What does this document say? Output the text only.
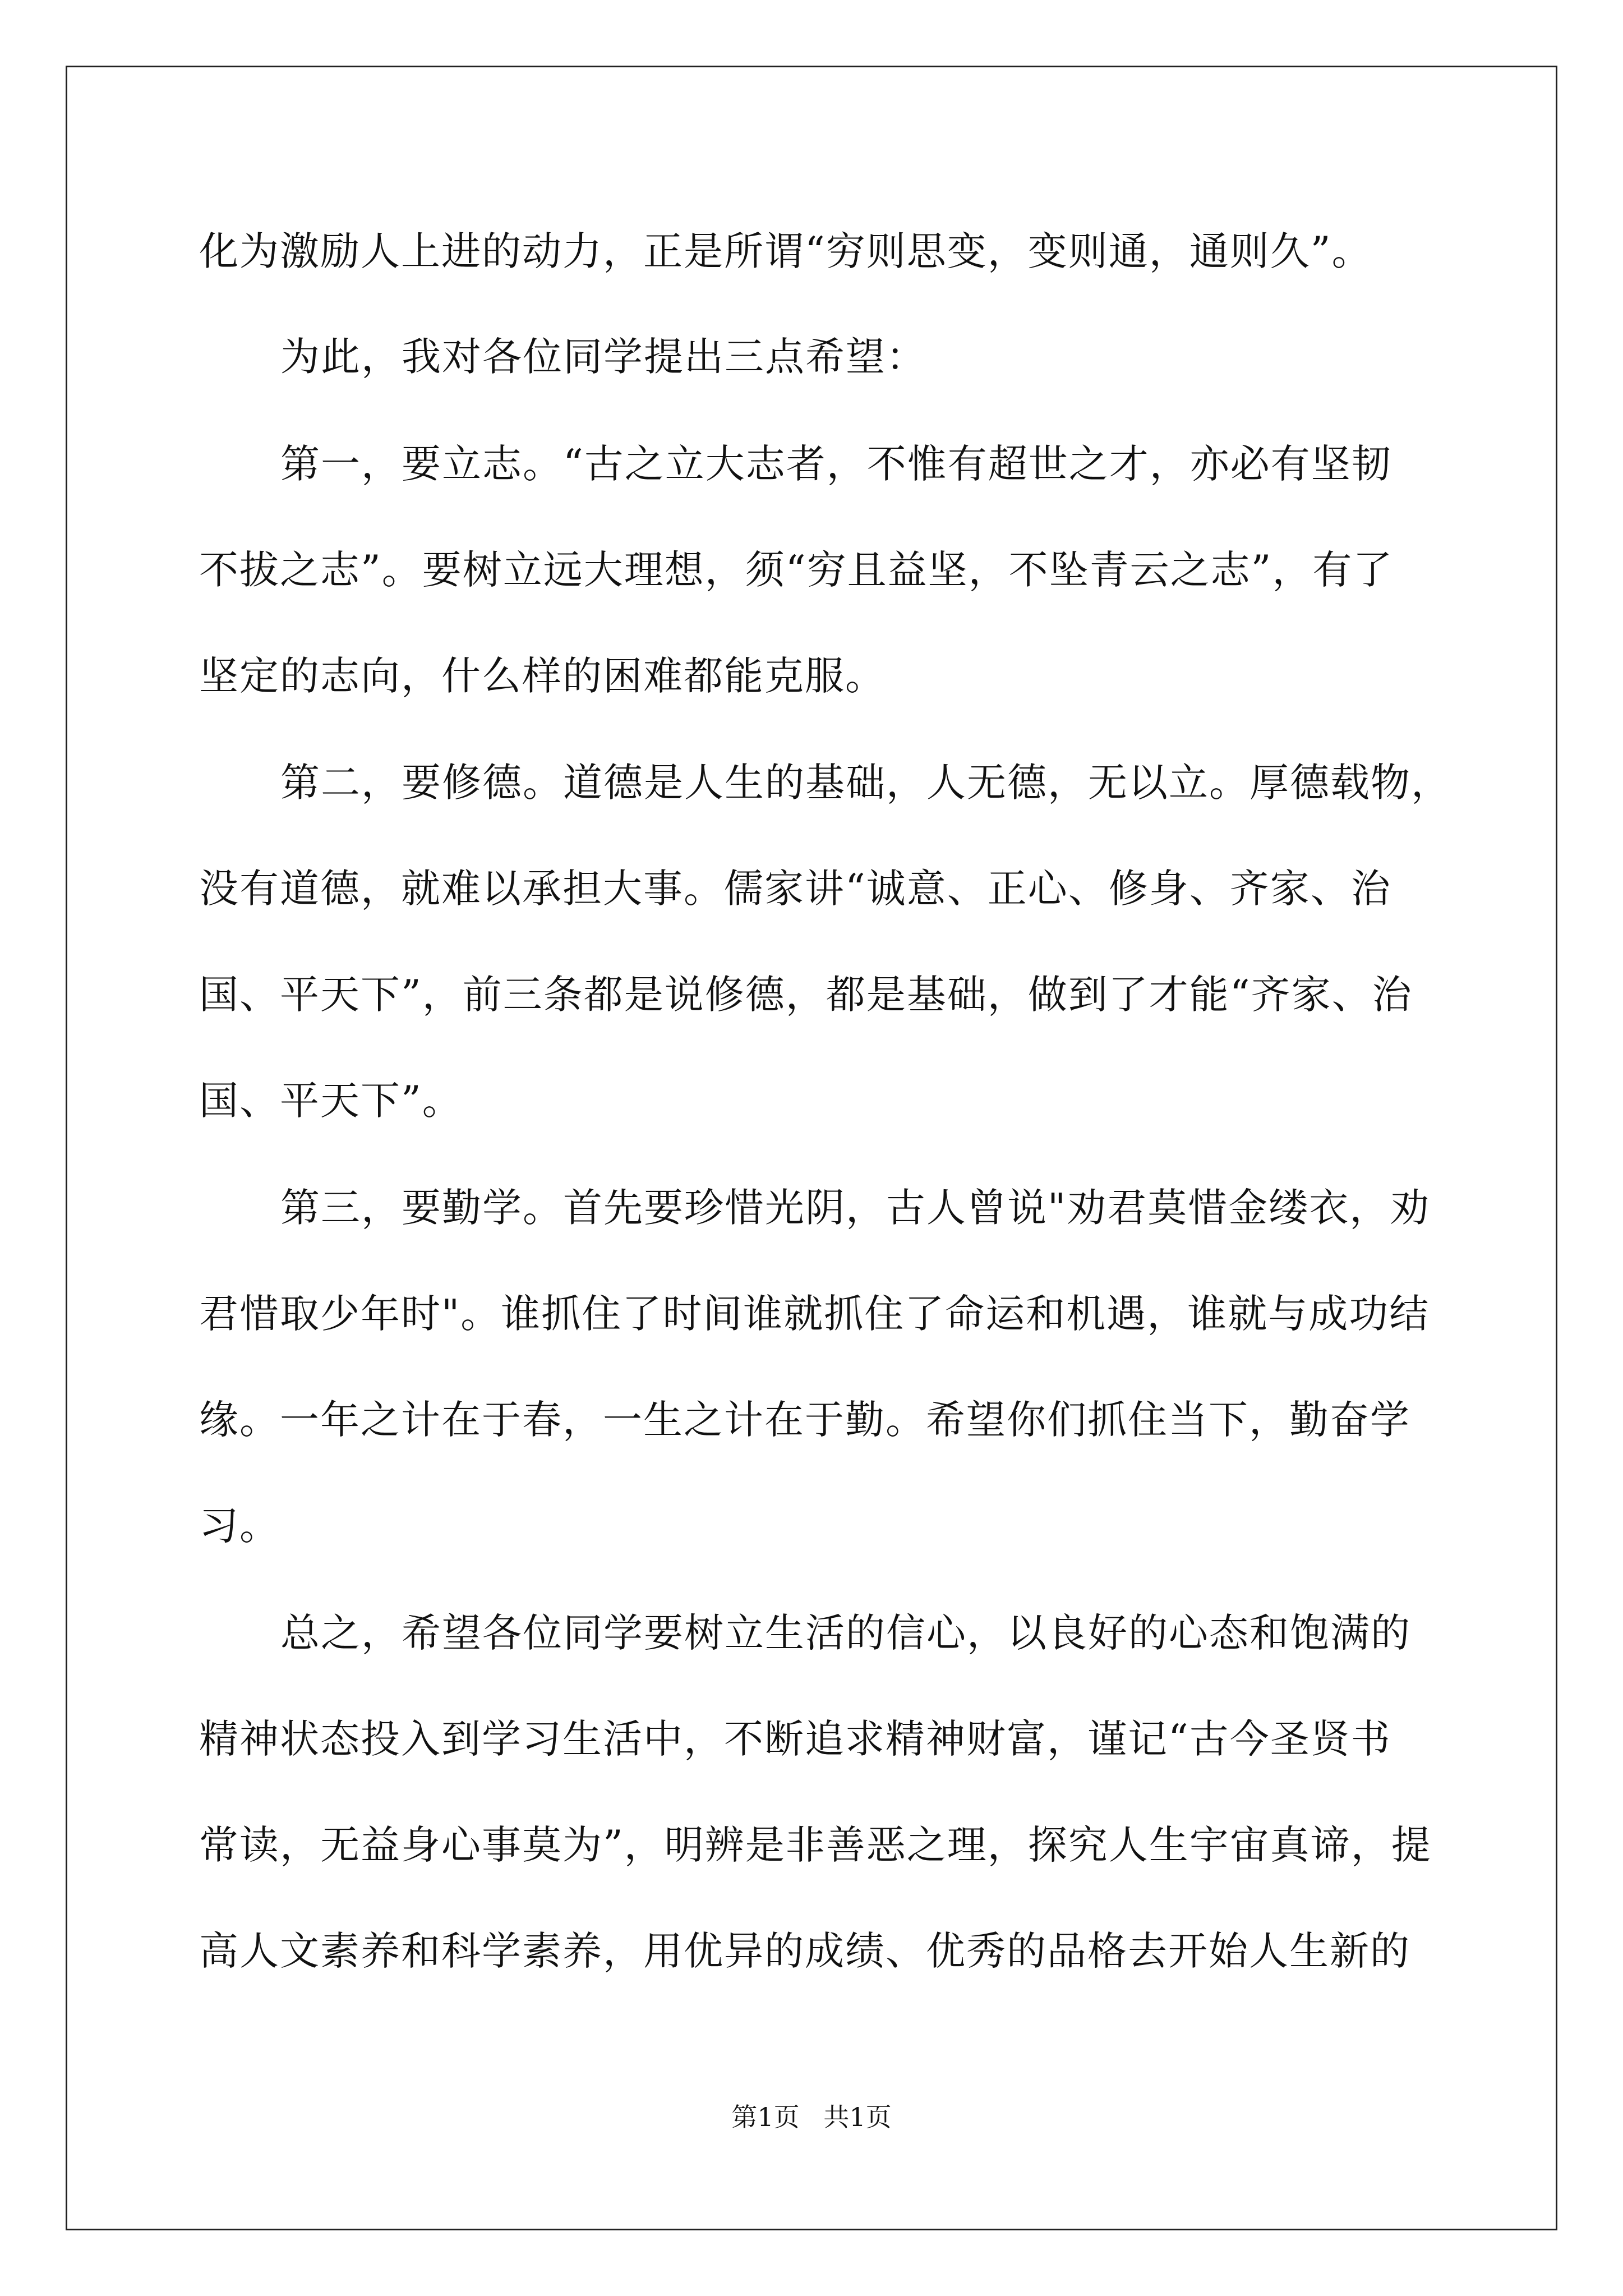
化为激励人上进的动力，正是所谓“穷则思变，变则通，通则久”。
为此，我对各位同学提出三点希望：
第一，要立志。“古之立大志者，不惟有超世之才，亦必有坚韧
不拔之志”。要树立远大理想，须“穷且益坚，不坠青云之志”，有了
坚定的志向，什么样的困难都能克服。
第二，要修德。道德是人生的基础，人无德，无以立。厚德载物，
没有道德，就难以承担大事。儒家讲“诚意、正心、修身、齐家、治
国、平天下”，前三条都是说修德，都是基础，做到了才能“齐家、治
国、平天下”。
第三，要勤学。首先要珍惜光阴，古人曾说"劝君莫惜金缕衣，劝
君惜取少年时"。谁抓住了时间谁就抓住了命运和机遇，谁就与成功结
缘。一年之计在于春，一生之计在于勤。希望你们抓住当下，勤奋学
习。
总之，希望各位同学要树立生活的信心，以良好的心态和饱满的
精神状态投入到学习生活中，不断追求精神财富，谨记“古今圣贤书
常读，无益身心事莫为”，明辨是非善恶之理，探究人生宇宙真谛，提
高人文素养和科学素养，用优异的成绩、优秀的品格去开始人生新的
第1页 共1页
